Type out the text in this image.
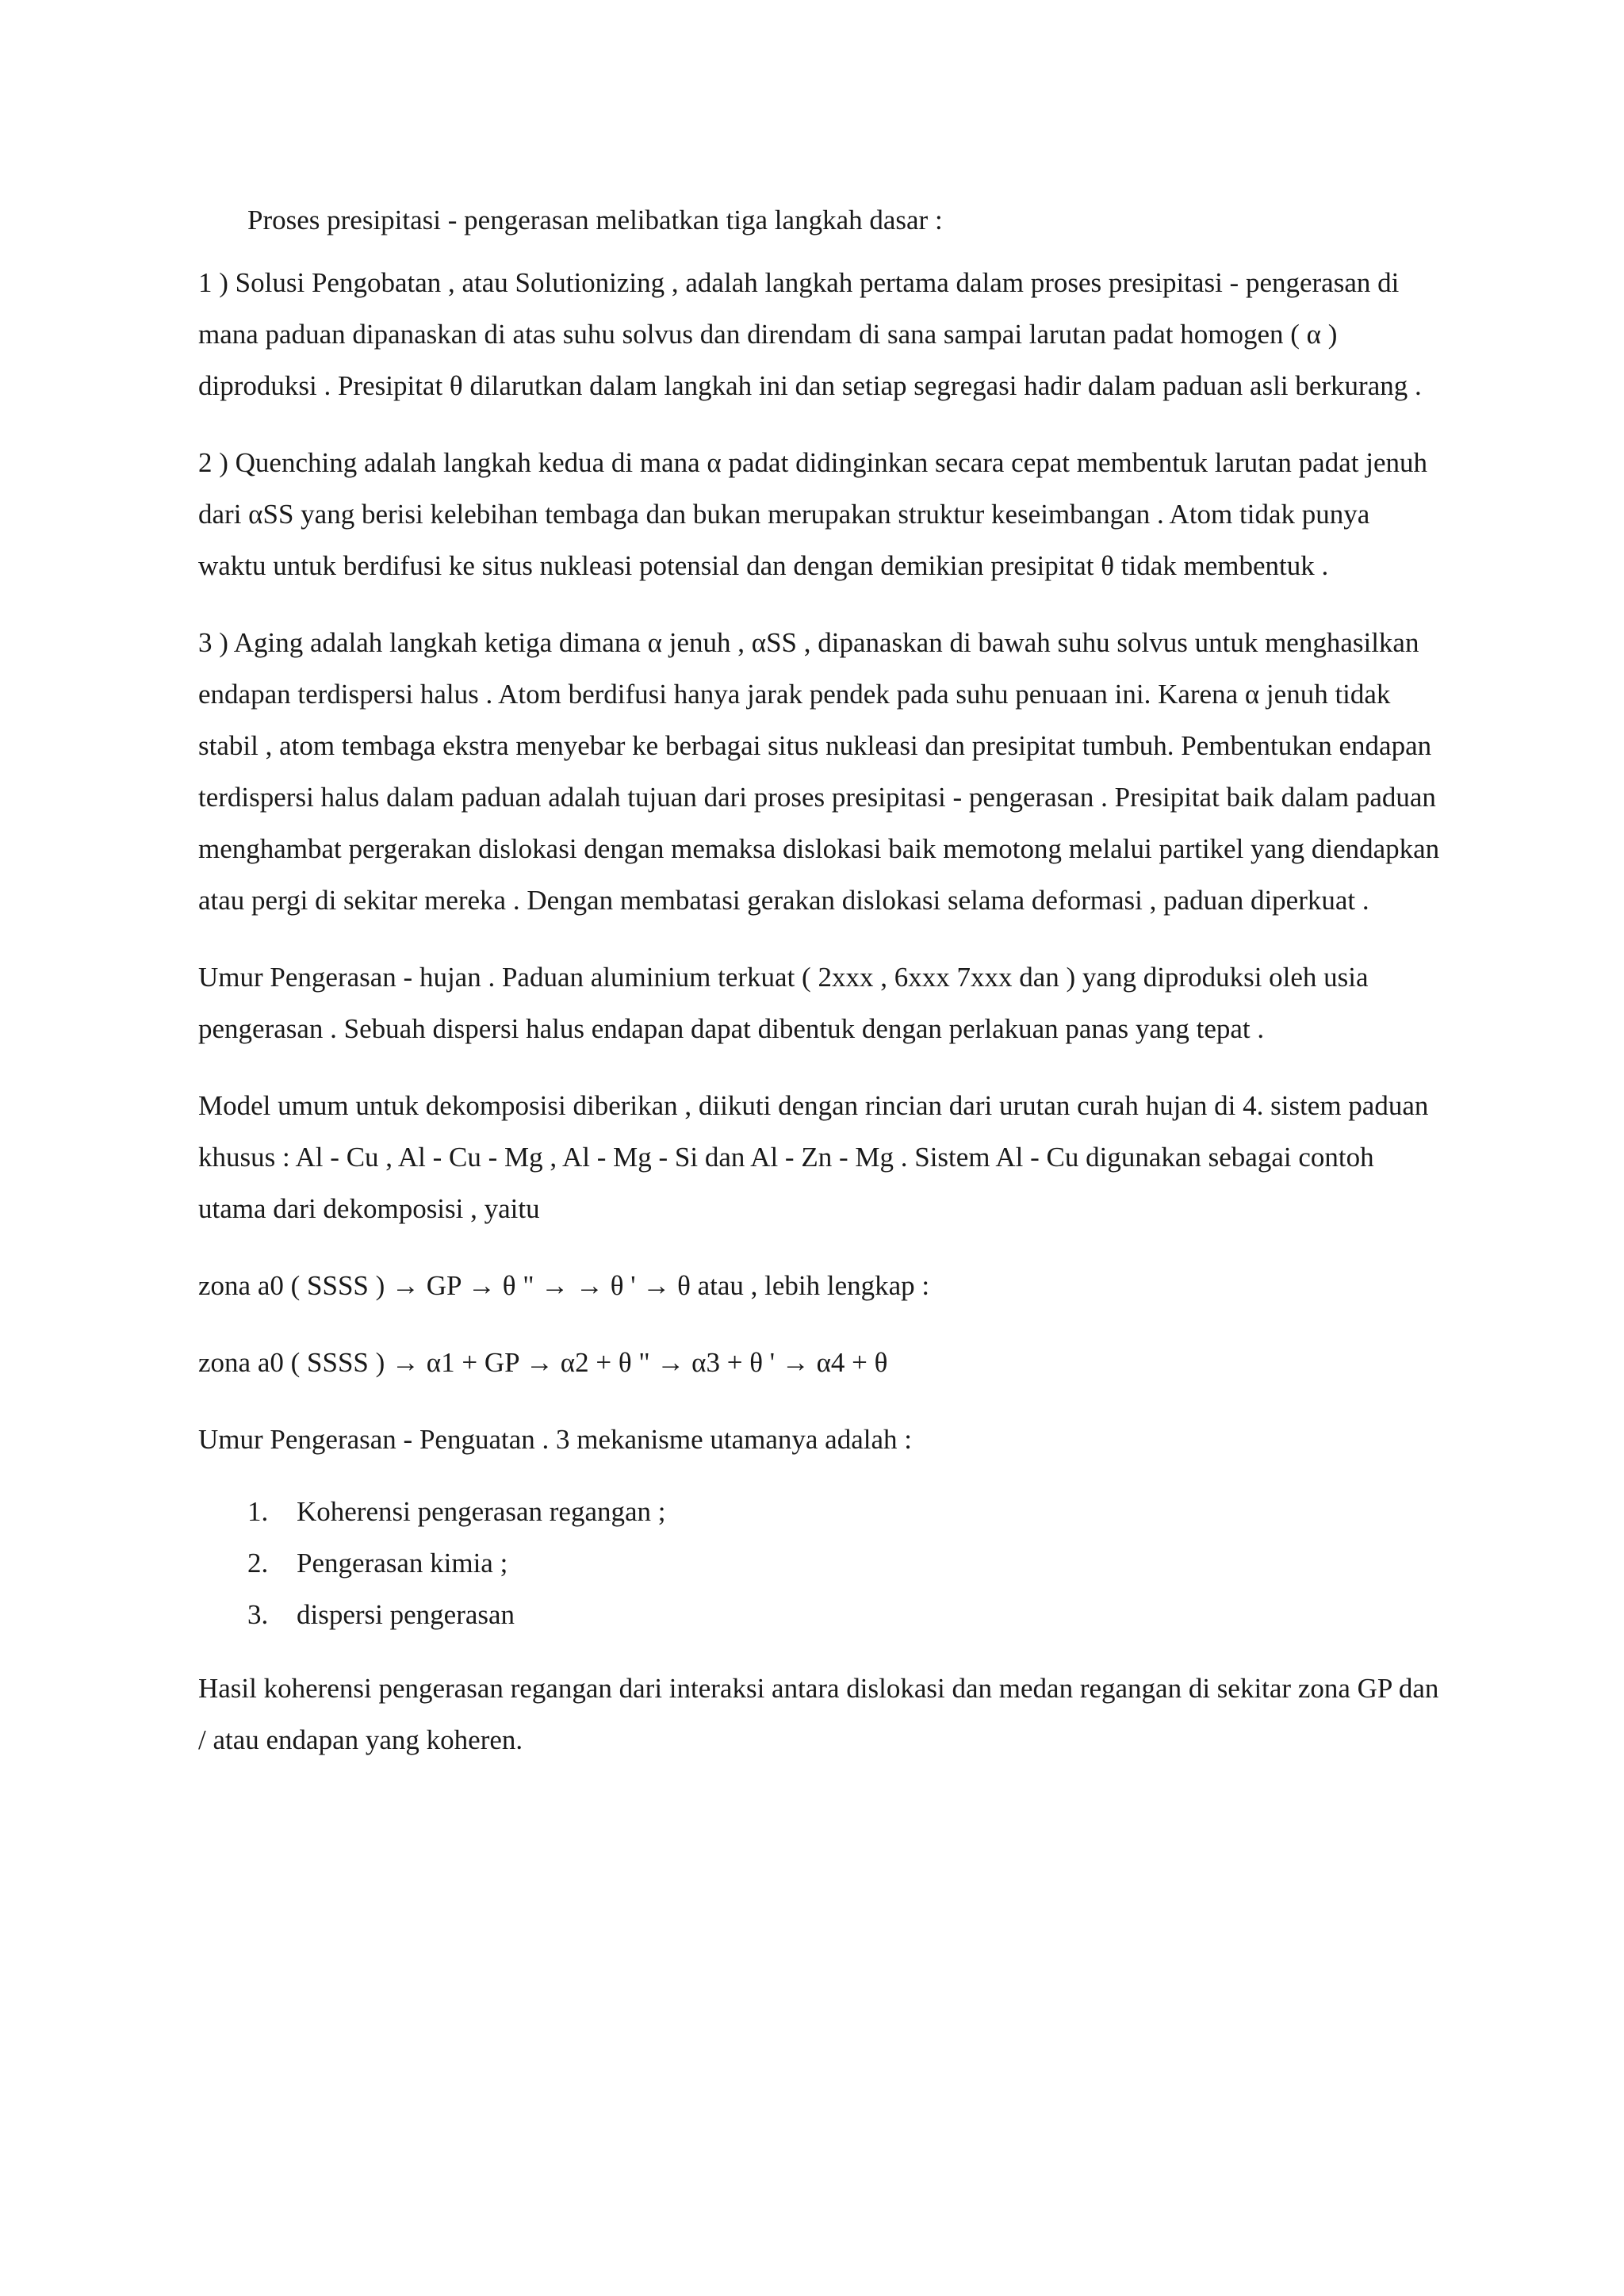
Proses presipitasi - pengerasan melibatkan tiga langkah dasar :

1 ) Solusi Pengobatan , atau Solutionizing , adalah langkah pertama dalam proses presipitasi - pengerasan di mana paduan dipanaskan di atas suhu solvus dan direndam di sana sampai larutan padat homogen ( α ) diproduksi . Presipitat θ dilarutkan dalam langkah ini dan setiap segregasi hadir dalam paduan asli berkurang .

2 ) Quenching adalah langkah kedua di mana α padat didinginkan secara cepat membentuk larutan padat jenuh dari αSS yang berisi kelebihan tembaga dan bukan merupakan struktur keseimbangan . Atom tidak punya waktu untuk berdifusi ke situs nukleasi potensial dan dengan demikian presipitat θ tidak membentuk .

3 ) Aging adalah langkah ketiga dimana α jenuh , αSS , dipanaskan di bawah suhu solvus untuk menghasilkan endapan terdispersi halus . Atom berdifusi hanya jarak pendek pada suhu penuaan ini. Karena α jenuh tidak stabil , atom tembaga ekstra menyebar ke berbagai situs nukleasi dan presipitat tumbuh. Pembentukan endapan terdispersi halus dalam paduan adalah tujuan dari proses presipitasi - pengerasan . Presipitat baik dalam paduan menghambat pergerakan dislokasi dengan memaksa dislokasi baik memotong melalui partikel yang diendapkan atau pergi di sekitar mereka . Dengan membatasi gerakan dislokasi selama deformasi , paduan diperkuat .

Umur Pengerasan - hujan . Paduan aluminium terkuat ( 2xxx , 6xxx 7xxx dan ) yang diproduksi oleh usia pengerasan . Sebuah dispersi halus endapan dapat dibentuk dengan perlakuan panas yang tepat .

Model umum untuk dekomposisi diberikan , diikuti dengan rincian dari urutan curah hujan di 4. sistem paduan khusus : Al - Cu , Al - Cu - Mg , Al - Mg - Si dan Al - Zn - Mg . Sistem Al - Cu digunakan sebagai contoh utama dari dekomposisi , yaitu

zona a0 ( SSSS ) → GP → θ " → → θ ' → θ atau , lebih lengkap :

zona a0 ( SSSS ) → α1 + GP → α2 + θ " → α3 + θ ' → α4 + θ

Umur Pengerasan - Penguatan . 3 mekanisme utamanya adalah :

1.	Koherensi pengerasan regangan ;
2.	Pengerasan kimia ;
3.	dispersi pengerasan

Hasil koherensi pengerasan regangan dari interaksi antara dislokasi dan medan regangan di sekitar zona GP dan / atau endapan yang koheren.
